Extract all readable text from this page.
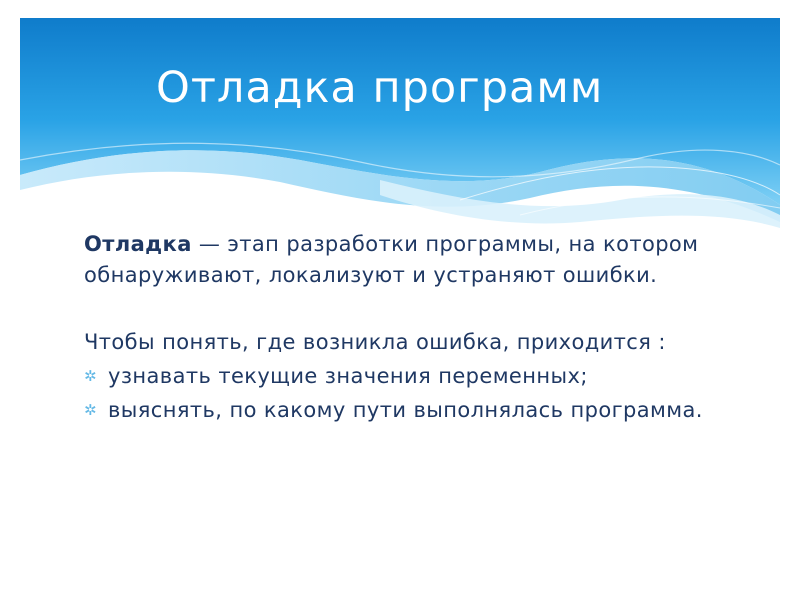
Отладка программ

Отладка — этап разработки программы, на котором обнаруживают, локализуют и устраняют ошибки.

Чтобы понять, где возникла ошибка, приходится :

✲ узнавать текущие значения переменных;
✲ выяснять, по какому пути выполнялась программа.
